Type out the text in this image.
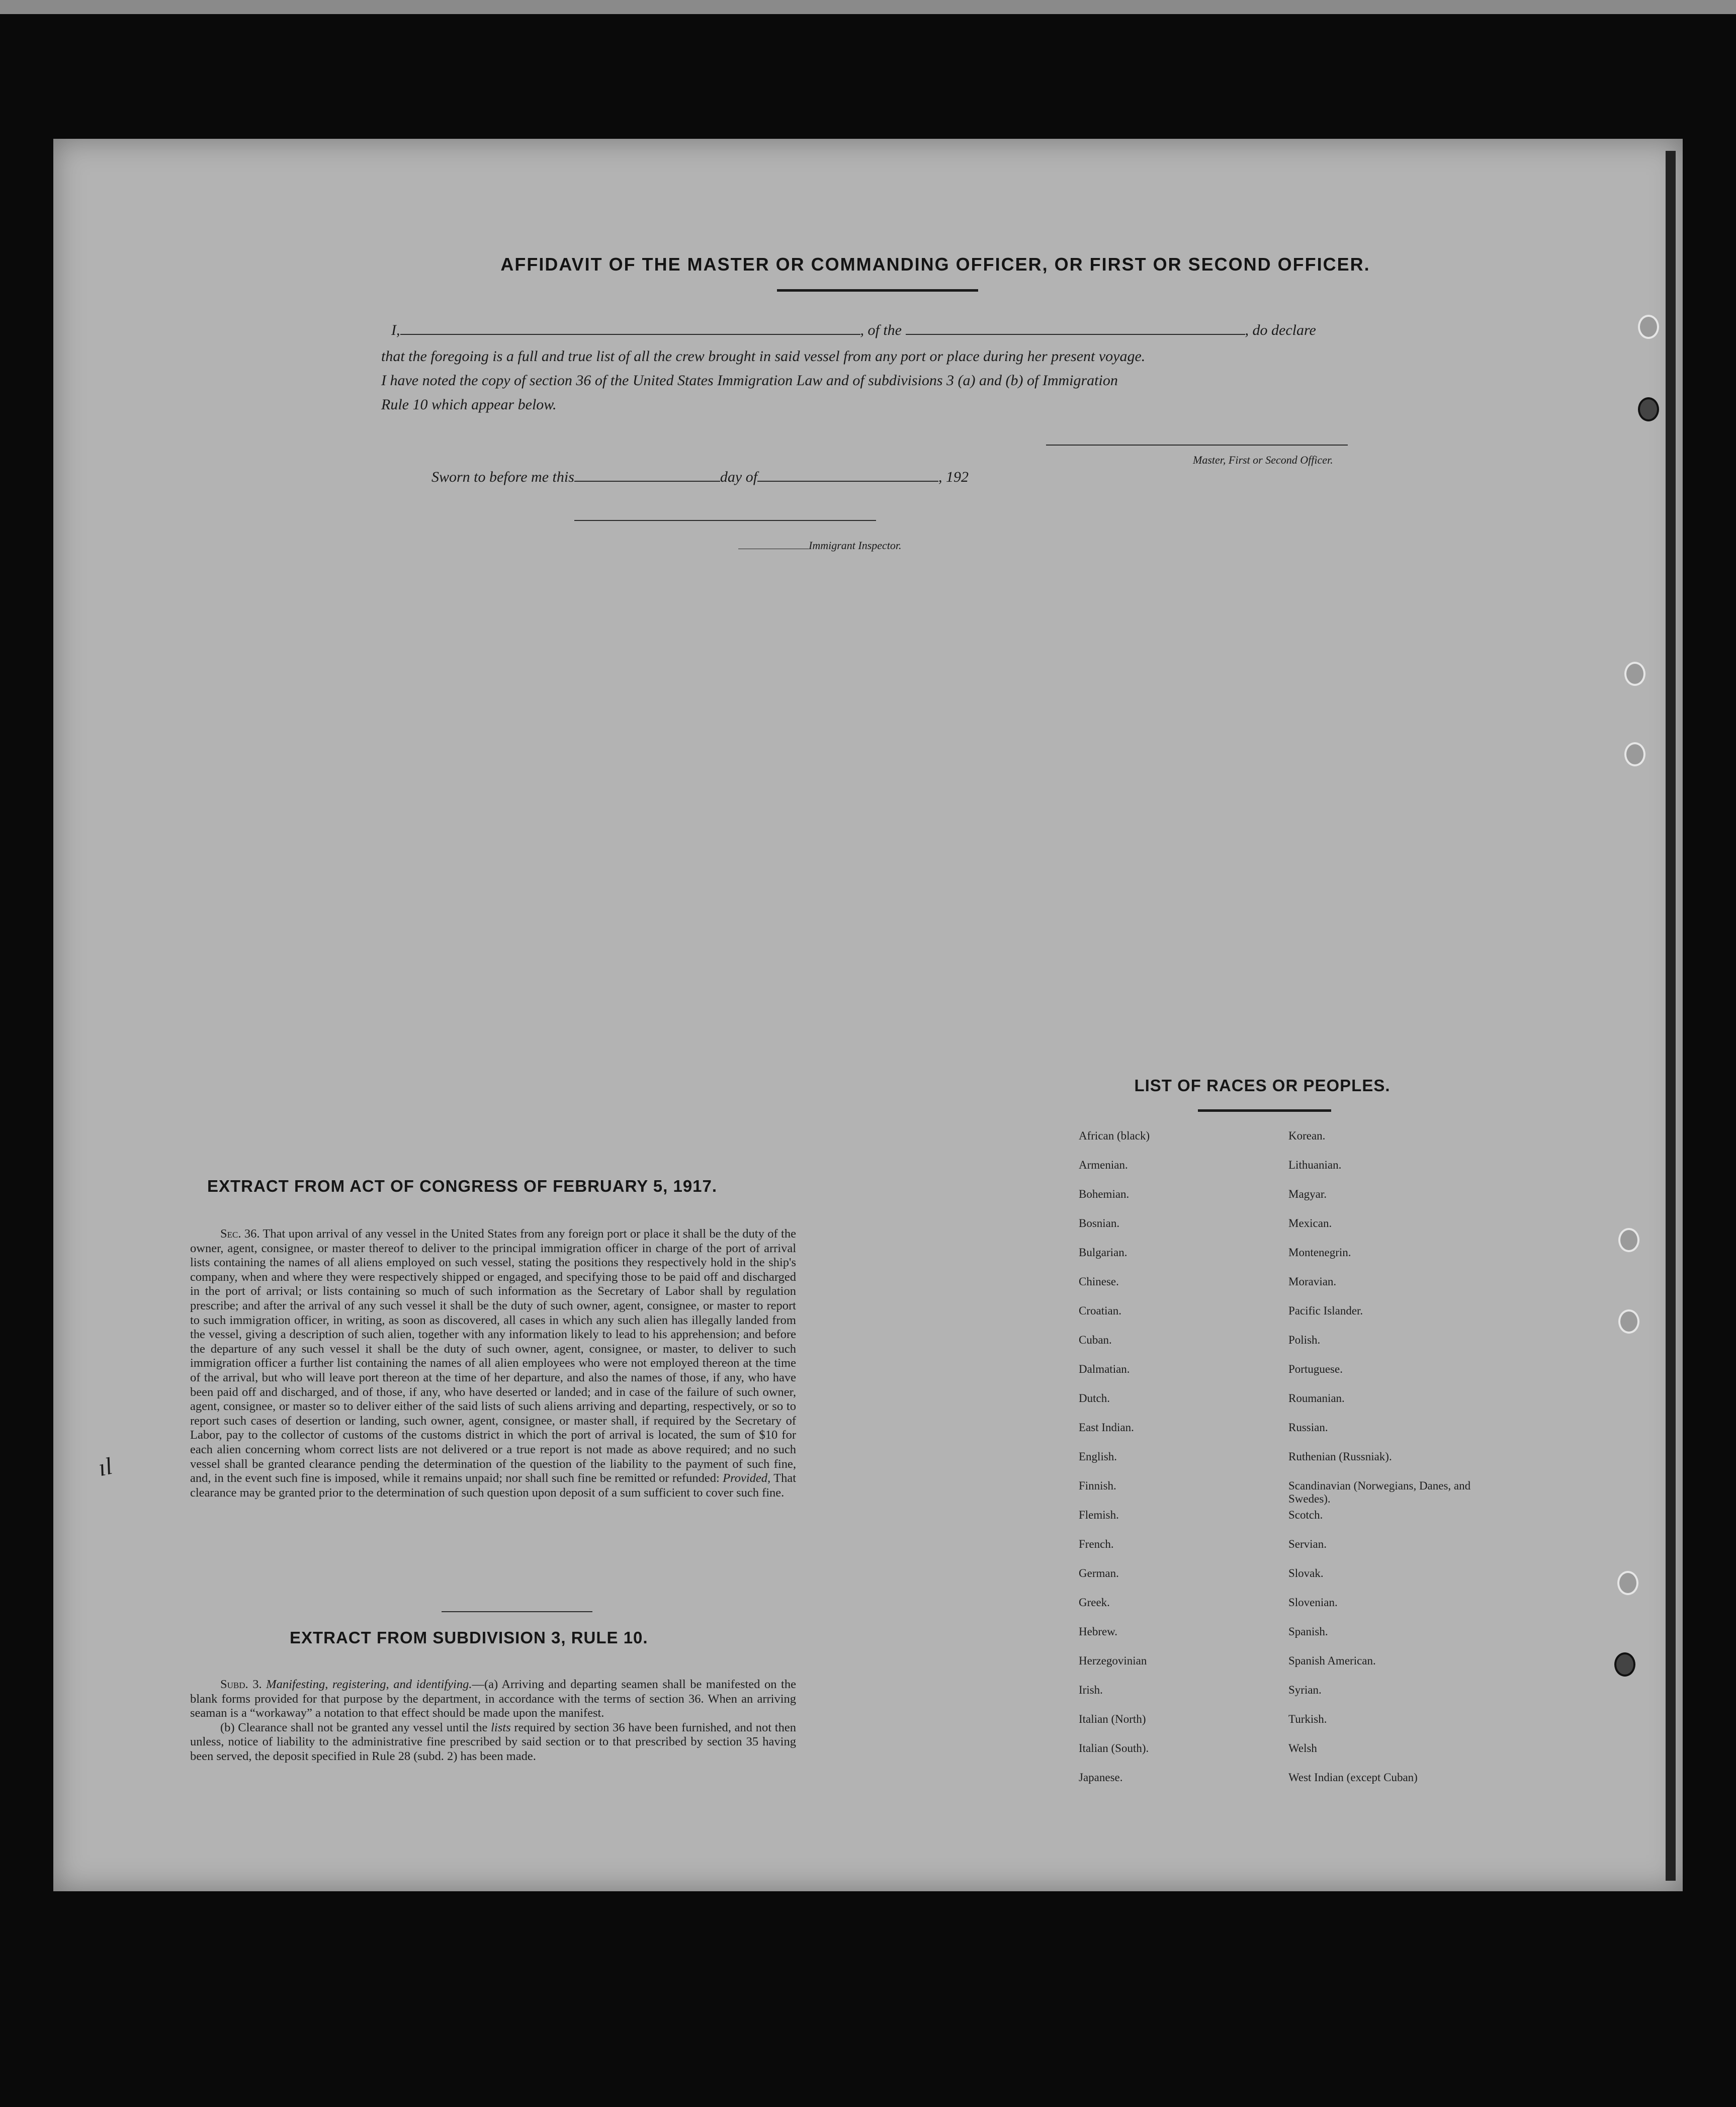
AFFIDAVIT OF THE MASTER OR COMMANDING OFFICER, OR FIRST OR SECOND OFFICER.
I,	, of the	, do declare
that the foregoing is a full and true list of all the crew brought in said vessel from any port or place during her present voyage.
I have noted the copy of section 36 of the United States Immigration Law and of subdivisions 3 (a) and (b) of Immigration
Rule 10 which appear below.
Master, First or Second Officer.
Sworn to before me this	day of	, 192
Immigrant Inspector.
EXTRACT FROM ACT OF CONGRESS OF FEBRUARY 5, 1917.

Sec. 36. That upon arrival of any vessel in the United States from any foreign port or place it shall be the duty of the owner, agent, consignee, or master thereof to deliver to the principal immigration officer in charge of the port of arrival lists containing the names of all aliens employed on such vessel, stating the positions they respectively hold in the ship's company, when and where they were respectively shipped or engaged, and specifying those to be paid off and discharged in the port of arrival; or lists containing so much of such information as the Secretary of Labor shall by regulation prescribe; and after the arrival of any such vessel it shall be the duty of such owner, agent, consignee, or master to report to such immigration officer, in writing, as soon as discovered, all cases in which any such alien has illegally landed from the vessel, giving a description of such alien, together with any information likely to lead to his apprehension; and before the departure of any such vessel it shall be the duty of such owner, agent, consignee, or master, to deliver to such immigration officer a further list containing the names of all alien employees who were not employed thereon at the time of the arrival, but who will leave port thereon at the time of her departure, and also the names of those, if any, who have been paid off and discharged, and of those, if any, who have deserted or landed; and in case of the failure of such owner, agent, consignee, or master so to deliver either of the said lists of such aliens arriving and departing, respectively, or so to report such cases of desertion or landing, such owner, agent, consignee, or master shall, if required by the Secretary of Labor, pay to the collector of customs of the customs district in which the port of arrival is located, the sum of $10 for each alien concerning whom correct lists are not delivered or a true report is not made as above required; and no such vessel shall be granted clearance pending the determination of the question of the liability to the payment of such fine, and, in the event such fine is imposed, while it remains unpaid; nor shall such fine be remitted or refunded: Provided, That clearance may be granted prior to the determination of such question upon deposit of a sum sufficient to cover such fine.

EXTRACT FROM SUBDIVISION 3, RULE 10.

Subd. 3. Manifesting, registering, and identifying.—(a) Arriving and departing seamen shall be manifested on the blank forms provided for that purpose by the department, in accordance with the terms of section 36. When an arriving seaman is a “workaway” a notation to that effect should be made upon the manifest.

(b) Clearance shall not be granted any vessel until the lists required by section 36 have been furnished, and not then unless, notice of liability to the administrative fine prescribed by said section or to that prescribed by section 35 having been served, the deposit specified in Rule 28 (subd. 2) has been made.

LIST OF RACES OR PEOPLES.
African (black)
Armenian.
Bohemian.
Bosnian.
Bulgarian.
Chinese.
Croatian.
Cuban.
Dalmatian.
Dutch.
East Indian.
English.
Finnish.
Flemish.
French.
German.
Greek.
Hebrew.
Herzegovinian
Irish.
Italian (North)
Italian (South).
Japanese.
Korean.
Lithuanian.
Magyar.
Mexican.
Montenegrin.
Moravian.
Pacific Islander.
Polish.
Portuguese.
Roumanian.
Russian.
Ruthenian (Russniak).
Scandinavian (Norwegians, Danes, and Swedes).
Scotch.
Servian.
Slovak.
Slovenian.
Spanish.
Spanish American.
Syrian.
Turkish.
Welsh
West Indian (except Cuban)
ıl
